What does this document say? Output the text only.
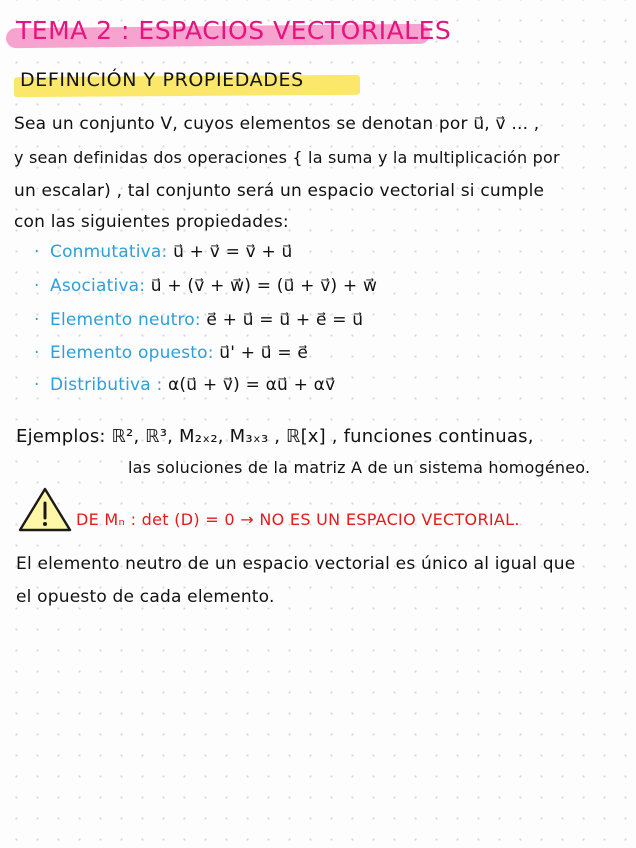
TEMA 2 : ESPACIOS VECTORIALES
DEFINICIÓN Y PROPIEDADES
Sea un conjunto V, cuyos elementos se denotan por u⃗, v⃗ ... ,
y sean definidas dos operaciones { la suma y la multiplicación por
un escalar) , tal conjunto será un espacio vectorial si cumple
con las siguientes propiedades:
· Conmutativa: u⃗ + v⃗ = v⃗ + u⃗
· Asociativa: u⃗ + (v⃗ + w⃗) = (u⃗ + v⃗) + w⃗
· Elemento neutro: e⃗ + u⃗ = u⃗ + e⃗ = u⃗
· Elemento opuesto: u⃗' + u⃗ = e⃗
· Distributiva : α(u⃗ + v⃗) = αu⃗ + αv⃗
Ejemplos: ℝ², ℝ³, M₂ₓ₂, M₃ₓ₃ , ℝ[x] , funciones continuas,
las soluciones de la matriz A de un sistema homogéneo.
DE Mₙ : det (D) = 0 → NO ES UN ESPACIO VECTORIAL.
El elemento neutro de un espacio vectorial es único al igual que
el opuesto de cada elemento.
